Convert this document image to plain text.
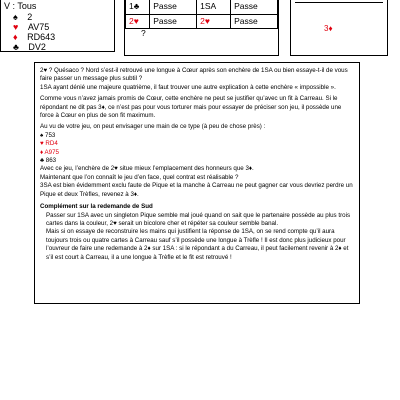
V : Tous
♠ 2
♥ AV75
♦ RD643
♣ DV2
1♣	Passe	1SA	Passe
2♥	Passe	2♥	Passe
?	3♦

2♥ ? Quésaco ? Nord s’est-il retrouvé une longue à Cœur après son enchère de 1SA ou bien essaye-t-il de vous faire passer un message plus subtil ?

1SA ayant dénié une majeure quatrième, il faut trouver une autre explication à cette enchère « impossible ».

Comme vous n’avez jamais promis de Cœur, cette enchère ne peut se justifier qu’avec un fit à Carreau. Si le répondant ne dit pas 3♦, ce n’est pas pour vous torturer mais pour essayer de préciser son jeu, il possède une force à Cœur en plus de son fit maximum.

Au vu de votre jeu, on peut envisager une main de ce type (à peu de chose près) :

♠ 753

♥ RD4

♦ A975

♣ 863

Avec ce jeu, l’enchère de 2♥ situe mieux l’emplacement des honneurs que 3♦.

Maintenant que l’on connaît le jeu d’en face, quel contrat est réalisable ?

3SA est bien évidemment exclu faute de Pique et la manche à Carreau ne peut gagner car vous devriez perdre un Pique et deux Trèfles, revenez à 3♦.

Complément sur la redemande de Sud

Passer sur 1SA avec un singleton Pique semble mal joué quand on sait que le partenaire possède au plus trois cartes dans la couleur, 2♥ serait un bicolore cher et répéter sa couleur semble banal.

Mais si on essaye de reconstruire les mains qui justifient la réponse de 1SA, on se rend compte qu’il aura toujours trois ou quatre cartes à Carreau sauf s’il possède une longue à Trèfle ! Il est donc plus judicieux pour l’ouvreur de faire une redemande à 2♦ sur 1SA : si le répondant a du Carreau, il peut facilement revenir à 2♦ et s’il est court à Carreau, il a une longue à Trèfle et le fit est retrouvé !
